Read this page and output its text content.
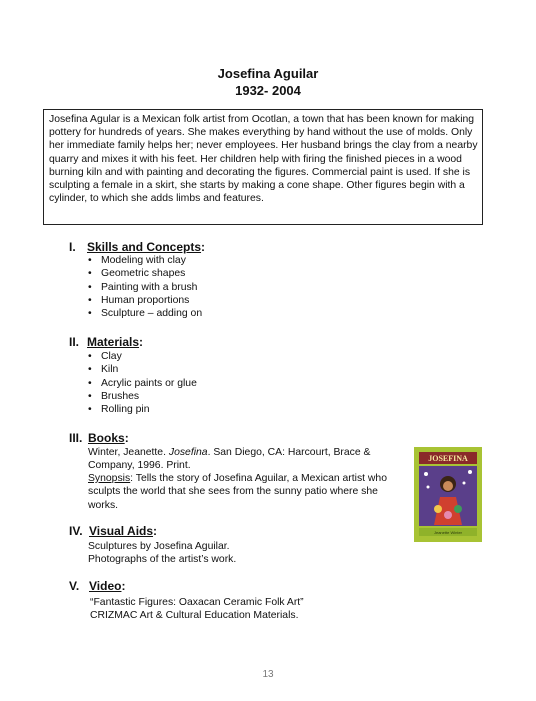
Josefina Aguilar
1932- 2004
Josefina Agular is a Mexican folk artist from Ocotlan, a town that has been known for making pottery for hundreds of years. She makes everything by hand without the use of molds. Only her immediate family helps her; never employees. Her husband brings the clay from a nearby quarry and mixes it with his feet. Her children help with firing the finished pieces in a wood burning kiln and with painting and decorating the figures. Commercial paint is used. If she is sculpting a female in a skirt, she starts by making a cone shape. Other figures begin with a cylinder, to which she adds limbs and features.
I. Skills and Concepts:
• Modeling with clay
• Geometric shapes
• Painting with a brush
• Human proportions
• Sculpture – adding on
II. Materials:
• Clay
• Kiln
• Acrylic paints or glue
• Brushes
• Rolling pin
III. Books:
Winter, Jeanette. Josefina. San Diego, CA: Harcourt, Brace & Company, 1996. Print.
Synopsis: Tells the story of Josefina Aguilar, a Mexican artist who sculpts the world that she sees from the sunny patio where she works.
JOSEFINA
Jeanette Winter
IV. Visual Aids:
Sculptures by Josefina Aguilar.
Photographs of the artist’s work.
V. Video:
“Fantastic Figures: Oaxacan Ceramic Folk Art”
CRIZMAC Art & Cultural Education Materials.
13
